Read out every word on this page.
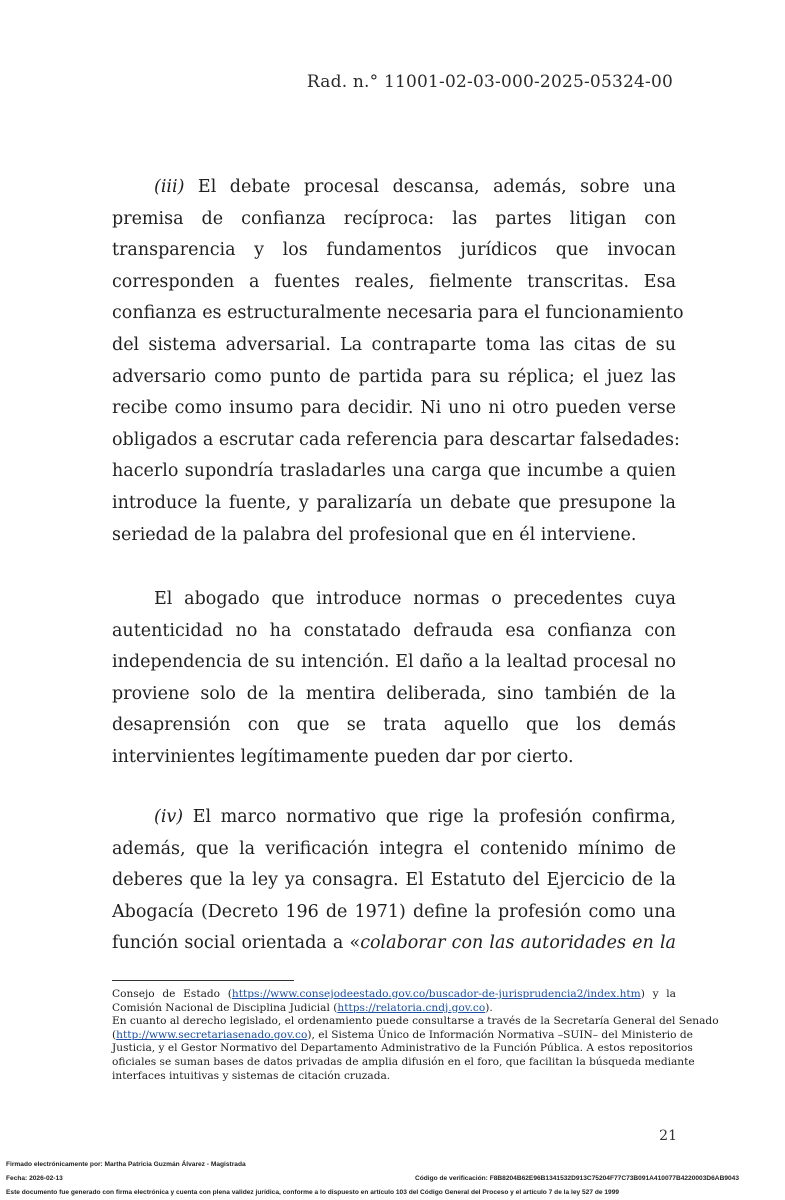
Rad. n.° 11001-02-03-000-2025-05324-00
(iii) El debate procesal descansa, además, sobre una
premisa de confianza recíproca: las partes litigan con
transparencia y los fundamentos jurídicos que invocan
corresponden a fuentes reales, fielmente transcritas. Esa
confianza es estructuralmente necesaria para el funcionamiento
del sistema adversarial. La contraparte toma las citas de su
adversario como punto de partida para su réplica; el juez las
recibe como insumo para decidir. Ni uno ni otro pueden verse
obligados a escrutar cada referencia para descartar falsedades:
hacerlo supondría trasladarles una carga que incumbe a quien
introduce la fuente, y paralizaría un debate que presupone la
seriedad de la palabra del profesional que en él interviene.
El abogado que introduce normas o precedentes cuya
autenticidad no ha constatado defrauda esa confianza con
independencia de su intención. El daño a la lealtad procesal no
proviene solo de la mentira deliberada, sino también de la
desaprensión con que se trata aquello que los demás
intervinientes legítimamente pueden dar por cierto.
(iv) El marco normativo que rige la profesión confirma,
además, que la verificación integra el contenido mínimo de
deberes que la ley ya consagra. El Estatuto del Ejercicio de la
Abogacía (Decreto 196 de 1971) define la profesión como una
función social orientada a «colaborar con las autoridades en la
Consejo de Estado (https://www.consejodeestado.gov.co/buscador-de-jurisprudencia2/index.htm) y la
Comisión Nacional de Disciplina Judicial (https://relatoria.cndj.gov.co).
En cuanto al derecho legislado, el ordenamiento puede consultarse a través de la Secretaría General del Senado
(http://www.secretariasenado.gov.co), el Sistema Único de Información Normativa –SUIN– del Ministerio de
Justicia, y el Gestor Normativo del Departamento Administrativo de la Función Pública. A estos repositorios
oficiales se suman bases de datos privadas de amplia difusión en el foro, que facilitan la búsqueda mediante
interfaces intuitivas y sistemas de citación cruzada.
21
Firmado electrónicamente por: Martha Patricia Guzmán Álvarez - Magistrada
Fecha: 2026-02-13	Código de verificación: F8B8204B62E96B1341532D913C75204F77C73B091A410077B4220003D6AB9043
Este documento fue generado con firma electrónica y cuenta con plena validez jurídica, conforme a lo dispuesto en artículo 103 del Código General del Proceso y el artículo 7 de la ley 527 de 1999
